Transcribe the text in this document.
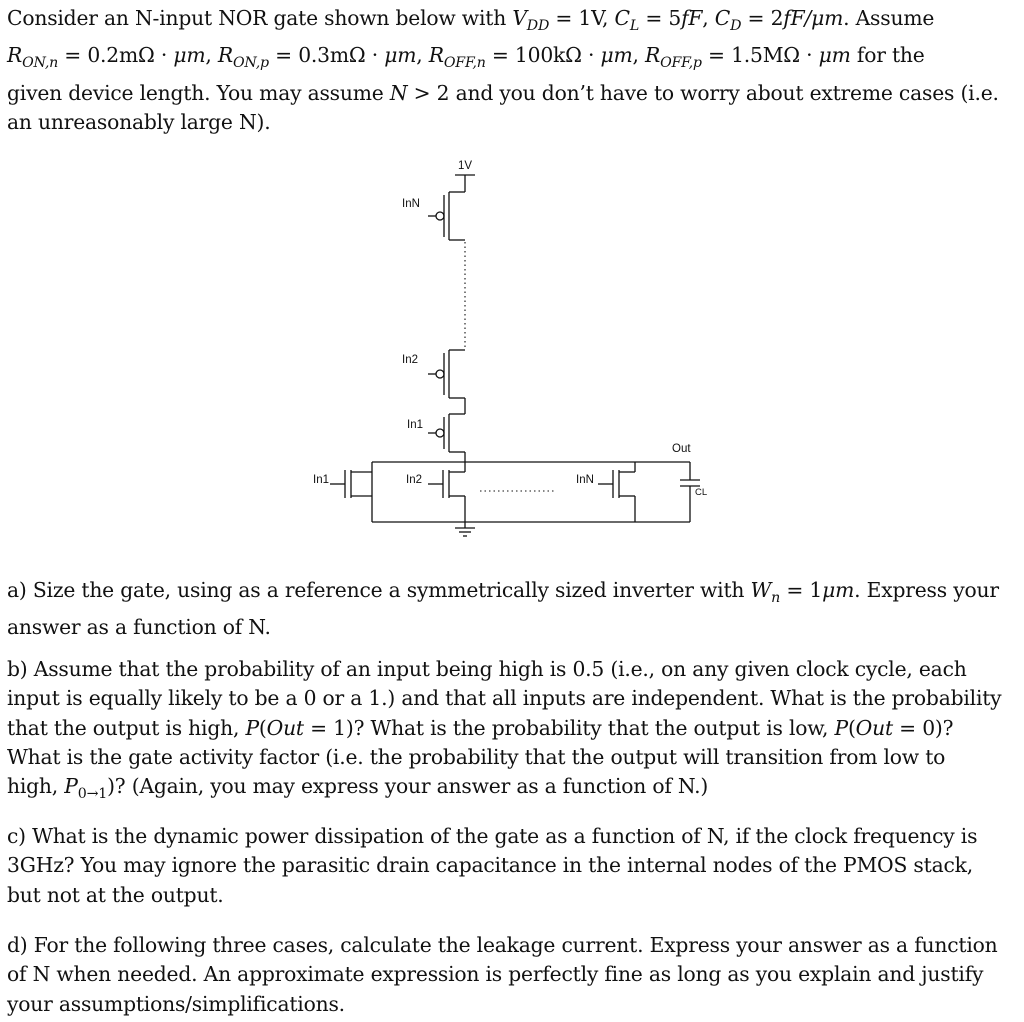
Consider an N-input NOR gate shown below with $V_{DD} = 1V$, $C_L = 5fF$, $C_D = 2fF/\mu m$. Assume
$R_{ON,n} = 0.2m\Omega \cdot \mu m$, $R_{ON,p} = 0.3m\Omega \cdot \mu m$, $R_{OFF,n} = 100k\Omega \cdot \mu m$, $R_{OFF,p} = 1.5M\Omega \cdot \mu m$ for the
given device length. You may assume N > 2 and you don’t have to worry about extreme cases (i.e.
an unreasonably large N).
1V
InN
In2
In1
Out
In1	In2	InN
CL
a) Size the gate, using as a reference a symmetrically sized inverter with $W_n = 1\mu m$. Express your
answer as a function of N.
b) Assume that the probability of an input being high is 0.5 (i.e., on any given clock cycle, each
input is equally likely to be a 0 or a 1.) and that all inputs are independent. What is the probability
that the output is high, P(Out = 1)? What is the probability that the output is low, P(Out = 0)?
What is the gate activity factor (i.e. the probability that the output will transition from low to
high, $P_{0\to 1}$)? (Again, you may express your answer as a function of N.)
c) What is the dynamic power dissipation of the gate as a function of N, if the clock frequency is
3GHz? You may ignore the parasitic drain capacitance in the internal nodes of the PMOS stack,
but not at the output.
d) For the following three cases, calculate the leakage current. Express your answer as a function
of N when needed. An approximate expression is perfectly fine as long as you explain and justify
your assumptions/simplifications.
